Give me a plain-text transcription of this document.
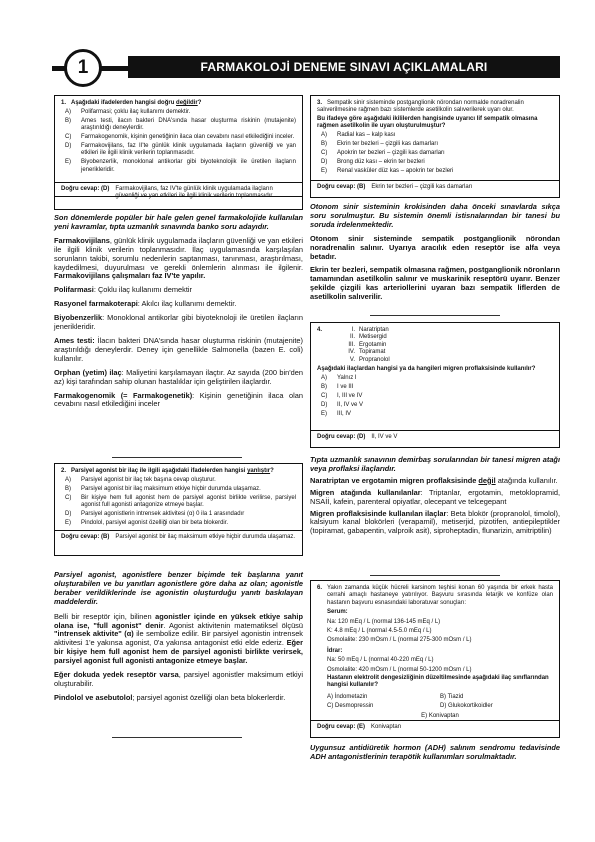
FARMAKOLOJİ DENEME SINAVI AÇIKLAMALARI
1
1. Aşağıdaki ifadelerden hangisi doğru değildir?
A)	Polifarmasi; çoklu ilaç kullanımı demektir.
B)	Ames testi, ilacın bakteri DNA'sında hasar oluşturma riskinin (mutajenite) araştırıldığı deneylerdir.
C)	Farmakogenomik, kişinin genetiğinin ilaca olan cevabını nasıl etkilediğini inceler.
D)	Farmakovijilans, faz II'te günlük klinik uygulamada ilaçların güvenliği ve yan etkileri ile ilgili klinik verilerin toplanmasıdır.
E)	Biyobenzerlik, monoklonal antikorlar gibi biyoteknolojik ile üretilen ilaçların jenerikleridir.
Doğru cevap: (D) Farmakovijilans, faz IV'te günlük klinik uygulamada ilaçların güvenliği ve yan etkileri ile ilgili klinik verilerin toplanmasıdır.

Son dönemlerde popüler bir hale gelen genel farmakolojide kullanılan yeni kavramlar, tıpta uzmanlık sınavında banko soru adayıdır.

Farmakovijilans, günlük klinik uygulamada ilaçların güvenliği ve yan etkileri ile ilgili klinik verilerin toplanmasıdır. İlaç uygulamasında karşılaşılan sorunların takibi, sorumlu nedenlerin saptanması, tanınması, araştırılması, kaydedilmesi, duyurulması ve gerekli önlemlerin alınması ile ilgilenir. Farmakovijilans çalışmaları faz IV'te yapılır.

Polifarmasi: Çoklu ilaç kullanımı demektir

Rasyonel farmakoterapi: Akılcı ilaç kullanımı demektir.

Biyobenzerlik: Monoklonal antikorlar gibi biyoteknoloji ile üretilen ilaçların jenerikleridir.

Ames testi: İlacın bakteri DNA'sında hasar oluşturma riskinin (mutajenite) araştırıldığı deneylerdir. Deney için genellikle Salmonella (bazen E. coli) kullanılır.

Orphan (yetim) ilaç: Maliyetini karşılamayan ilaçtır. Az sayıda (200 bin'den az) kişi tarafından sahip olunan hastalıklar için geliştirilen ilaçlardır.

Farmakogenomik (= Farmakogenetik): Kişinin genetiğinin ilaca olan cevabını nasıl etkilediğini inceler

2. Parsiyel agonist bir ilaç ile ilgili aşağıdaki ifadelerden hangisi yanlıştır?
A)	Parsiyel agonist bir ilaç tek başına cevap oluşturur.
B)	Parsiyel agonist bir ilaç maksimum etkiye hiçbir durumda ulaşamaz.
C)	Bir kişiye hem full agonist hem de parsiyel agonist birlikte verilirse, parsiyel agonist full agonisti antagonize etmeye başlar.
D)	Parsiyel agonistlerin intrensek aktivitesi (α) 0 ila 1 arasındadır
E)	Pindolol, parsiyel agonist özelliği olan bir beta blokerdir.
Doğru cevap: (B) Parsiyel agonist bir ilaç maksimum etkiye hiçbir durumda ulaşamaz.

Parsiyel agonist, agonistlere benzer biçimde tek başlarına yanıt oluşturabilen ve bu yanıtları agonistlere göre daha az olan; agonistle beraber verildiklerinde ise agonistin oluşturduğu yanıtı baskılayan maddelerdir.

Belli bir reseptör için, bilinen agonistler içinde en yüksek etkiye sahip olana ise, "full agonist" denir. Agonist aktivitenin matematiksel ölçüsü "intrensek aktivite" (α) ile sembolize edilir. Bir parsiyel agonistin intrensek aktivitesi 1'e yakınsa agonist, 0'a yakınsa antagonist etki elde ederiz. Eğer bir kişiye hem full agonist hem de parsiyel agonisti birlikte verirsek, parsiyel agonist full agonisti antagonize etmeye başlar.

Eğer dokuda yedek reseptör varsa, parsiyel agonistler maksimum etkiyi oluşturabilir.

Pindolol ve asebutolol; parsiyel agonist özelliği olan beta blokerlerdir.

3. Sempatik sinir sisteminde postganglionik nörondan normalde noradrenalin salıverilmesine rağmen bazı sistemlerde asetilkolin salıverilerek uyarı olur.
Bu ifadeye göre aşağıdaki ikililerden hangisinde uyarıcı lif sempatik olmasına rağmen asetilkolin ile uyarı oluşturulmuştur?
A)	Radial kas – kalp kası
B)	Ekrin ter bezleri – çizgili kas damarları
C)	Apokrin ter bezleri – çizgili kas damarları
D)	Brong düz kası – ekrin ter bezleri
E)	Renal vasküler düz kas – apokrin ter bezleri
Doğru cevap: (B) Ekrin ter bezleri – çizgili kas damarları

Otonom sinir sisteminin krokisinden daha önceki sınavlarda sıkça soru sorulmuştur. Bu sistemin önemli istisnalarından bir tanesi bu soruda irdelenmektedir.

Otonom sinir sisteminde sempatik postganglionik nörondan noradrenalin salınır. Uyarıya aracılık eden reseptör ise alfa veya betadır.

Ekrin ter bezleri, sempatik olmasına rağmen, postganglionik nöronların tamamından asetilkolin salınır ve muskarinik reseptörü uyarır. Benzer şekilde çizgili kas arteriollerini uyaran bazı sempatik liflerden de asetilkolin salıverilir.

4.	I. Naratriptan
II. Metisergid
III. Ergotamin
IV. Topiramat
V. Propranolol
Aşağıdaki ilaçlardan hangisi ya da hangileri migren proflaksisinde kullanılır?
A)	Yalnız I
B)	I ve III
C)	I, III ve IV
D)	II, IV ve V
E)	III, IV
Doğru cevap: (D) II, IV ve V

Tıpta uzmanlık sınavının demirbaş sorularından bir tanesi migren atağı veya proflaksi ilaçlarıdır.

Naratriptan ve ergotamin migren proflaksisinde değil atağında kullanılır.

Migren atağında kullanılanlar: Triptanlar, ergotamin, metoklopramid, NSAİİ, kafein, parenteral opiyatlar, olecepant ve telcegepant

Migren proflaksisinde kullanılan ilaçlar: Beta blokör (propranolol, timolol), kalsiyum kanal blokörleri (verapamil), metiserjid, pizotifen, antiepileptikler (topiramat, gabapentin, valproik asit), siproheptadin, flunarizin, amitriptilin)

6. Yakın zamanda küçük hücreli karsinom teşhisi konan 60 yaşında bir erkek hasta cerrahi amaçlı hastaneye yatırılıyor. Başvuru sırasında letarjik ve konfüze olan hastanın başvuru esnasındaki laboratuvar sonuçları:
Serum:
Na: 120 mEq / L (normal 136-145 mEq / L)
K: 4.8 mEq / L (normal 4.5-5.0 mEq / L)
Osmolalite: 230 mOsm / L (normal 275-300 mOsm / L)
İdrar:
Na: 50 mEq / L (normal 40-220 mEq / L)
Osmolalite: 420 mOsm / L (normal 50-1200 mOsm / L)
Hastanın elektrolit dengesizliğinin düzeltilmesinde aşağıdaki ilaç sınıflarından hangisi kullanılır?
A) İndometazin	B) Tiazid
C) Desmopressin	D) Glukokortikoidler
E) Konivaptan
Doğru cevap: (E) Konivaptan

Uygunsuz antidiüretik hormon (ADH) salınım sendromu tedavisinde ADH antagonistlerinin terapötik kullanımları sorulmaktadır.
